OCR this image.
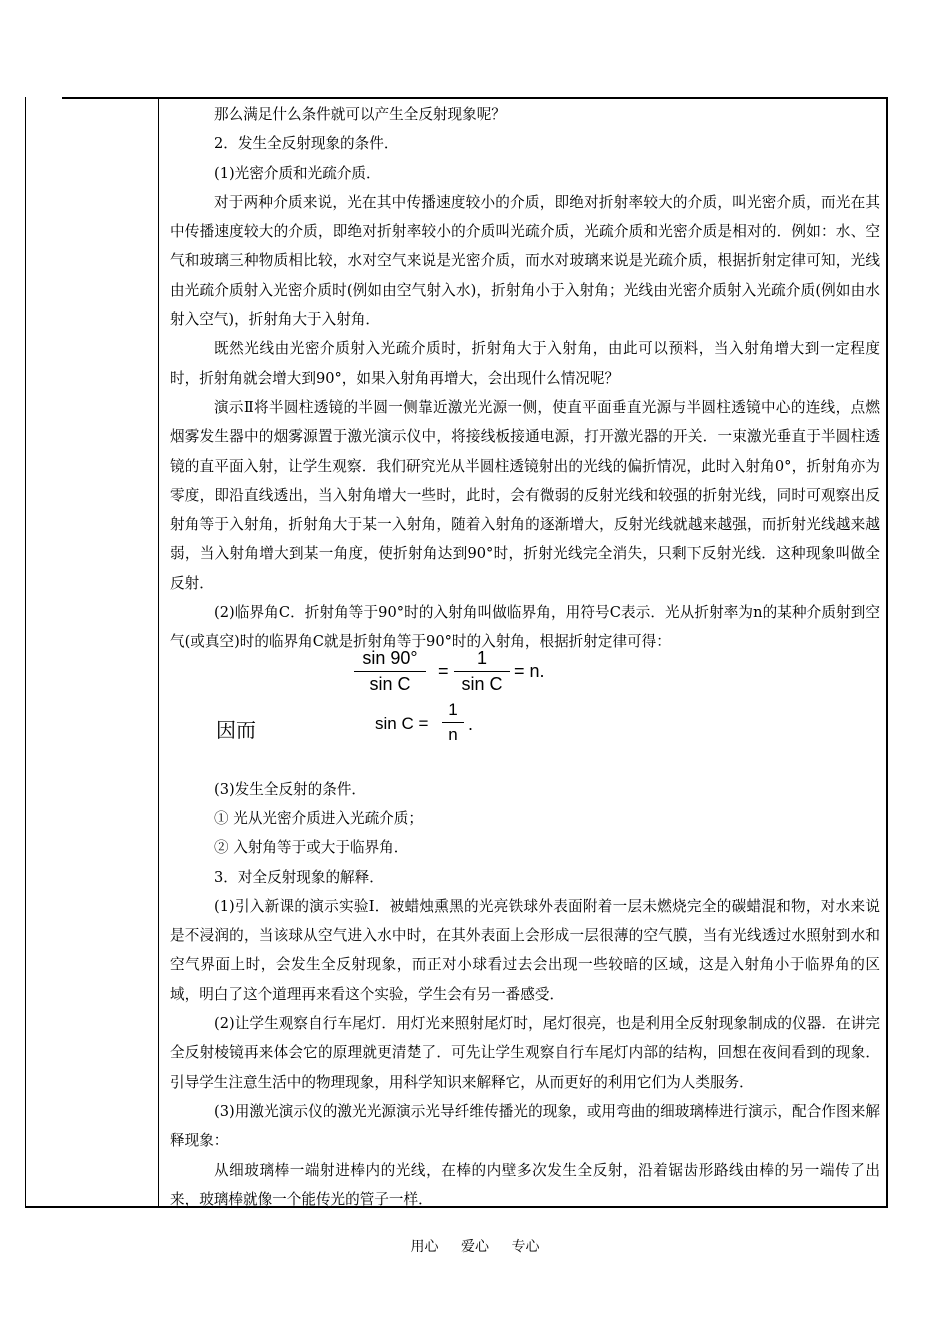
那么满足什么条件就可以产生全反射现象呢？

2．发生全反射现象的条件．

(1)光密介质和光疏介质．

对于两种介质来说，光在其中传播速度较小的介质，即绝对折射率较大的介质，叫光密介质，而光在其中传播速度较大的介质，即绝对折射率较小的介质叫光疏介质，光疏介质和光密介质是相对的．例如：水、空气和玻璃三种物质相比较，水对空气来说是光密介质，而水对玻璃来说是光疏介质，根据折射定律可知，光线由光疏介质射入光密介质时(例如由空气射入水)，折射角小于入射角；光线由光密介质射入光疏介质(例如由水射入空气)，折射角大于入射角．

既然光线由光密介质射入光疏介质时，折射角大于入射角，由此可以预料，当入射角增大到一定程度时，折射角就会增大到90°，如果入射角再增大，会出现什么情况呢？

演示Ⅱ将半圆柱透镜的半圆一侧靠近激光光源一侧，使直平面垂直光源与半圆柱透镜中心的连线，点燃烟雾发生器中的烟雾源置于激光演示仪中，将接线板接通电源，打开激光器的开关．一束激光垂直于半圆柱透镜的直平面入射，让学生观察．我们研究光从半圆柱透镜射出的光线的偏折情况，此时入射角0°，折射角亦为零度，即沿直线透出，当入射角增大一些时，此时，会有微弱的反射光线和较强的折射光线，同时可观察出反射角等于入射角，折射角大于某一入射角，随着入射角的逐渐增大，反射光线就越来越强，而折射光线越来越弱，当入射角增大到某一角度，使折射角达到90°时，折射光线完全消失，只剩下反射光线．这种现象叫做全反射．

(2)临界角C．折射角等于90°时的入射角叫做临界角，用符号C表示．光从折射率为n的某种介质射到空气(或真空)时的临界角C就是折射角等于90°时的入射角，根据折射定律可得：

(3)发生全反射的条件．

① 光从光密介质进入光疏介质；

② 入射角等于或大于临界角．

3．对全反射现象的解释．

(1)引入新课的演示实验Ⅰ．被蜡烛熏黑的光亮铁球外表面附着一层未燃烧完全的碳蜡混和物，对水来说是不浸润的，当该球从空气进入水中时，在其外表面上会形成一层很薄的空气膜，当有光线透过水照射到水和空气界面上时，会发生全反射现象，而正对小球看过去会出现一些较暗的区域，这是入射角小于临界角的区域，明白了这个道理再来看这个实验，学生会有另一番感受．

(2)让学生观察自行车尾灯．用灯光来照射尾灯时，尾灯很亮，也是利用全反射现象制成的仪器．在讲完全反射棱镜再来体会它的原理就更清楚了．可先让学生观察自行车尾灯内部的结构，回想在夜间看到的现象．引导学生注意生活中的物理现象，用科学知识来解释它，从而更好的利用它们为人类服务．

(3)用激光演示仪的激光光源演示光导纤维传播光的现象，或用弯曲的细玻璃棒进行演示，配合作图来解释现象：

从细玻璃棒一端射进棒内的光线，在棒的内壁多次发生全反射，沿着锯齿形路线由棒的另一端传了出来，玻璃棒就像一个能传光的管子一样．

$\frac{\sin 90^\circ}{\text{sin C}} = \frac{1}{\text{sin C}} = n$.
因而	$\sin C = \frac{1}{n}$ .
用心 爱心 专心
